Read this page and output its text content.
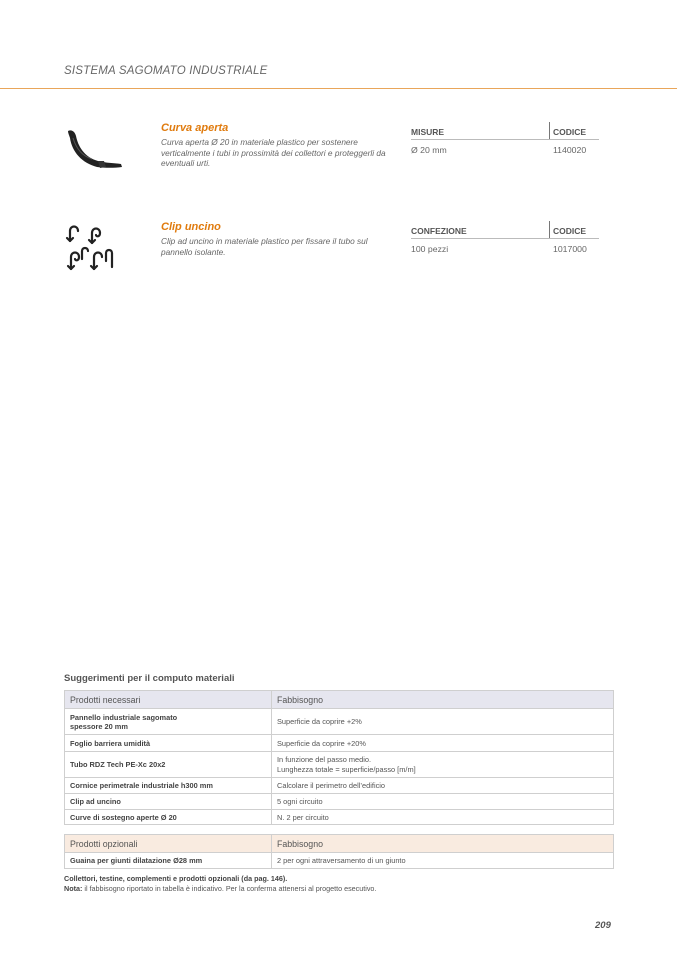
SISTEMA SAGOMATO INDUSTRIALE
Curva aperta
Curva aperta Ø 20 in materiale plastico per sostenere verticalmente i tubi in prossimità dei collettori e proteggerli da eventuali urti.
MISURE	CODICE
Ø 20 mm	1140020
Clip uncino
Clip ad uncino in materiale plastico per fissare il tubo sul pannello isolante.
CONFEZIONE	CODICE
100 pezzi	1017000
Suggerimenti per il computo materiali
Prodotti necessari	Fabbisogno
Pannello industriale sagomato
spessore 20 mm	Superficie da coprire +2%
Foglio barriera umidità	Superficie da coprire +20%
Tubo RDZ Tech PE-Xc 20x2	In funzione del passo medio.
Lunghezza totale = superficie/passo [m/m]
Cornice perimetrale industriale h300 mm	Calcolare il perimetro dell’edificio
Clip ad uncino	5 ogni circuito
Curve di sostegno aperte Ø 20	N. 2 per circuito
Prodotti opzionali	Fabbisogno
Guaina per giunti dilatazione Ø28 mm	2 per ogni attraversamento di un giunto
Collettori, testine, complementi e prodotti opzionali (da pag. 146).
Nota: il fabbisogno riportato in tabella è indicativo. Per la conferma attenersi al progetto esecutivo.
209
